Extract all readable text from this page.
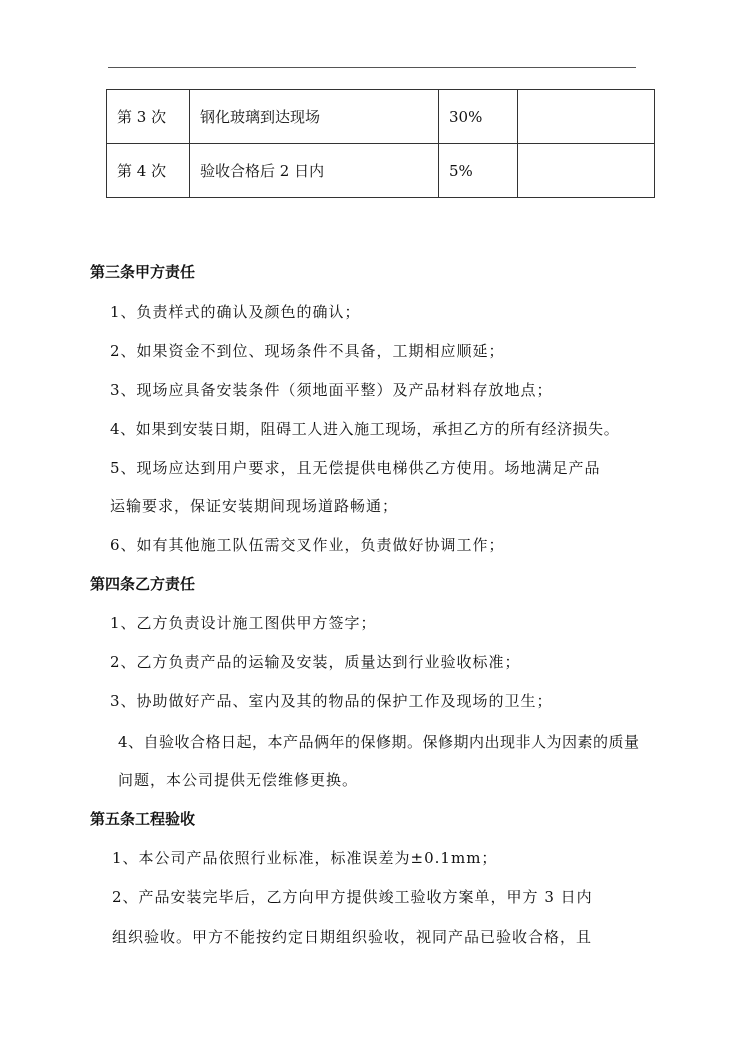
第 3 次	钢化玻璃到达现场	30%	
第 4 次	验收合格后 2 日内	5%	
第三条甲方责任
1、负责样式的确认及颜色的确认；
2、如果资金不到位、现场条件不具备，工期相应顺延；
3、现场应具备安装条件（须地面平整）及产品材料存放地点；
4、如果到安装日期，阻碍工人进入施工现场，承担乙方的所有经济损失。
5、现场应达到用户要求，且无偿提供电梯供乙方使用。场地满足产品
运输要求，保证安装期间现场道路畅通；
6、如有其他施工队伍需交叉作业，负责做好协调工作；
第四条乙方责任
1、乙方负责设计施工图供甲方签字；
2、乙方负责产品的运输及安装，质量达到行业验收标准；
3、协助做好产品、室内及其的物品的保护工作及现场的卫生；
4、自验收合格日起，本产品俩年的保修期。保修期内出现非人为因素的质量
问题，本公司提供无偿维修更换。
第五条工程验收
1、本公司产品依照行业标准，标准误差为±0.1mm；
2、产品安装完毕后，乙方向甲方提供竣工验收方案单，甲方 3 日内
组织验收。甲方不能按约定日期组织验收，视同产品已验收合格，且
